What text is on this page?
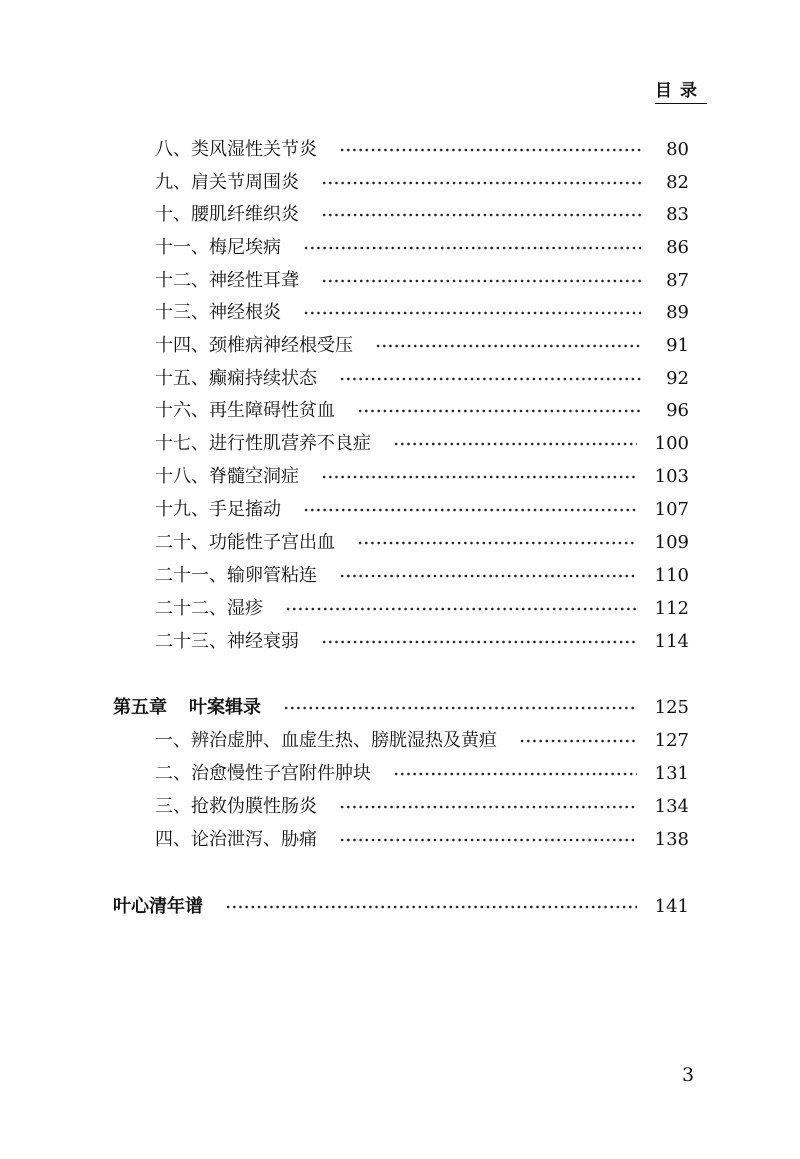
目录
八、类风湿性关节炎	80
九、肩关节周围炎	82
十、腰肌纤维织炎	83
十一、梅尼埃病	86
十二、神经性耳聋	87
十三、神经根炎	89
十四、颈椎病神经根受压	91
十五、癫痫持续状态	92
十六、再生障碍性贫血	96
十七、进行性肌营养不良症	100
十八、脊髓空洞症	103
十九、手足搐动	107
二十、功能性子宫出血	109
二十一、输卵管粘连	110
二十二、湿疹	112
二十三、神经衰弱	114
第五章 叶案辑录	125
一、辨治虚肿、血虚生热、膀胱湿热及黄疸	127
二、治愈慢性子宫附件肿块	131
三、抢救伪膜性肠炎	134
四、论治泄泻、胁痛	138
叶心清年谱	141
3
